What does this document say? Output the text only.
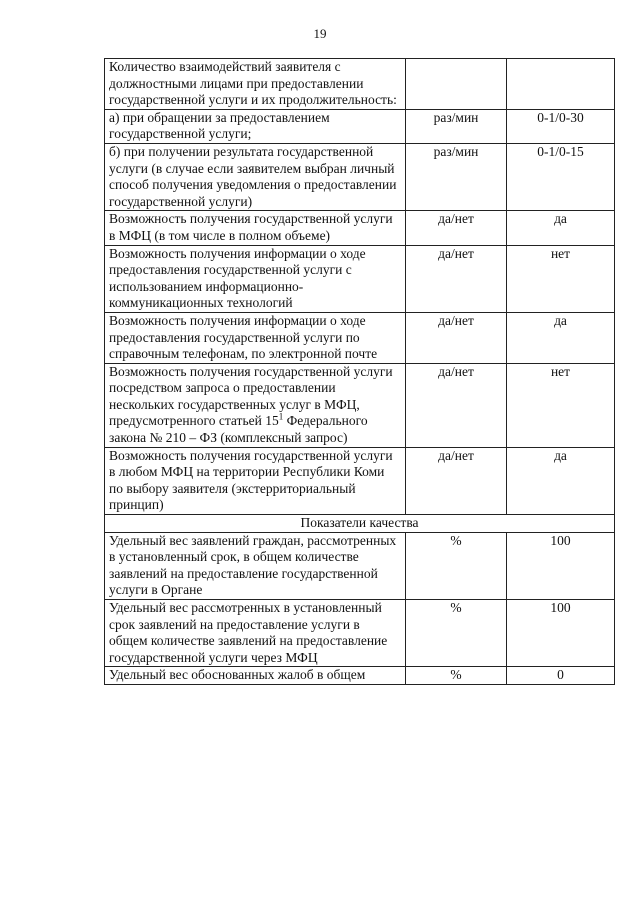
19
Количество взаимодействий заявителя с должностными лицами при предоставлении государственной услуги и их продолжительность:		
а) при обращении за предоставлением государственной услуги;	раз/мин	0-1/0-30
б) при получении результата государственной услуги (в случае если заявителем выбран личный способ получения уведомления о предоставлении государственной услуги)	раз/мин	0-1/0-15
Возможность получения государственной услуги в МФЦ (в том числе в полном объеме)	да/нет	да
Возможность получения информации о ходе предоставления государственной услуги с использованием информационно-коммуникационных технологий	да/нет	нет
Возможность получения информации о ходе предоставления государственной услуги по справочным телефонам, по электронной почте	да/нет	да
Возможность получения государственной услуги посредством запроса о предоставлении нескольких государственных услуг в МФЦ, предусмотренного статьей $15^1$ Федерального закона № 210 – ФЗ (комплексный запрос)	да/нет	нет
Возможность получения государственной услуги в любом МФЦ на территории Республики Коми по выбору заявителя (экстерриториальный принцип)	да/нет	да
Показатели качества		
Удельный вес заявлений граждан, рассмотренных в установленный срок, в общем количестве заявлений на предоставление государственной услуги в Органе	%	100
Удельный вес рассмотренных в установленный срок заявлений на предоставление услуги в общем количестве заявлений на предоставление государственной услуги через МФЦ	%	100
Удельный вес обоснованных жалоб в общем	%	0
